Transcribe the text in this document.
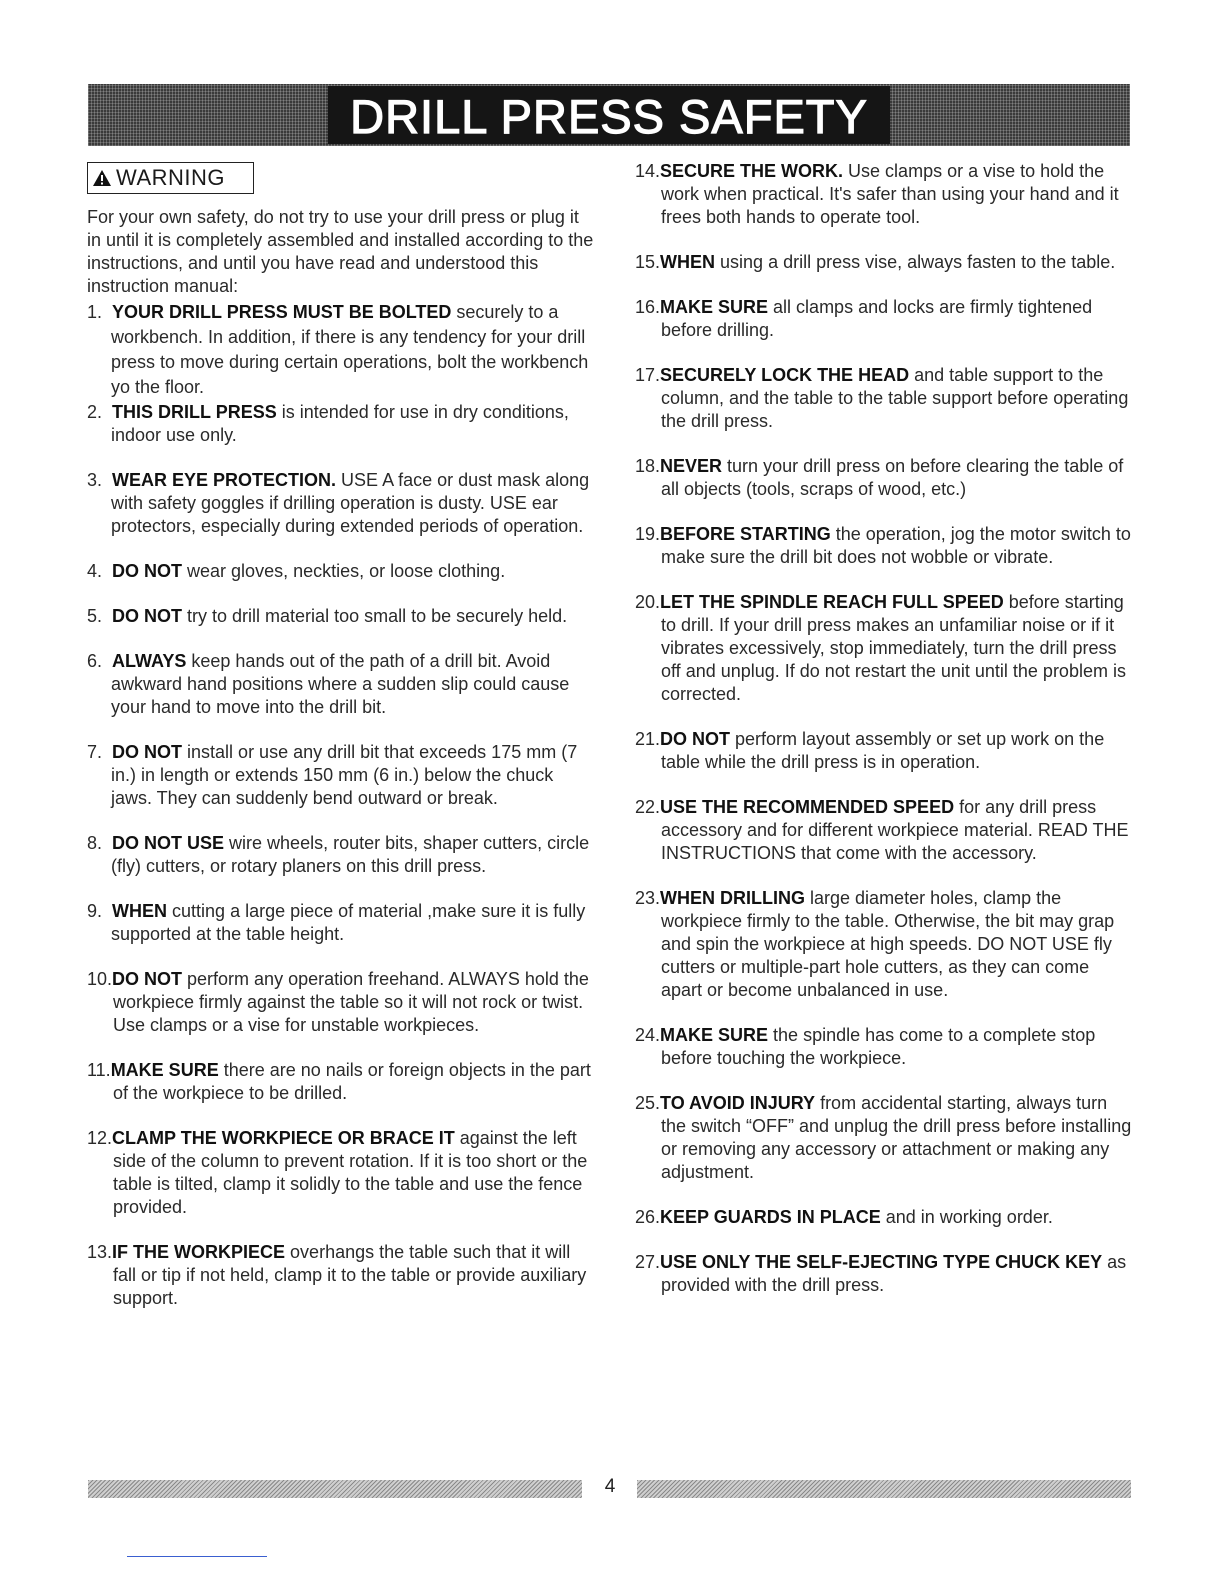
DRILL PRESS SAFETY
WARNING
For your own safety, do not try to use your drill press or plug it in until it is completely assembled and installed according to the instructions, and until you have read and understood this instruction manual:
1. YOUR DRILL PRESS MUST BE BOLTED securely to a workbench. In addition, if there is any tendency for your drill press to move during certain operations, bolt the workbench yo the floor.
2. THIS DRILL PRESS is intended for use in dry conditions, indoor use only.
3. WEAR EYE PROTECTION. USE A face or dust mask along with safety goggles if drilling operation is dusty. USE ear protectors, especially during extended periods of operation.
4. DO NOT wear gloves, neckties, or loose clothing.
5. DO NOT try to drill material too small to be securely held.
6. ALWAYS keep hands out of the path of a drill bit. Avoid awkward hand positions where a sudden slip could cause your hand to move into the drill bit.
7. DO NOT install or use any drill bit that exceeds 175 mm (7 in.) in length or extends 150 mm (6 in.) below the chuck jaws. They can suddenly bend outward or break.
8. DO NOT USE wire wheels, router bits, shaper cutters, circle (fly) cutters, or rotary planers on this drill press.
9. WHEN cutting a large piece of material ,make sure it is fully supported at the table height.
10.DO NOT perform any operation freehand. ALWAYS hold the workpiece firmly against the table so it will not rock or twist. Use clamps or a vise for unstable workpieces.
11.MAKE SURE there are no nails or foreign objects in the part of the workpiece to be drilled.
12.CLAMP THE WORKPIECE OR BRACE IT against the left side of the column to prevent rotation. If it is too short or the table is tilted, clamp it solidly to the table and use the fence provided.
13.IF THE WORKPIECE overhangs the table such that it will fall or tip if not held, clamp it to the table or provide auxiliary support.
14.SECURE THE WORK. Use clamps or a vise to hold the work when practical. It's safer than using your hand and it frees both hands to operate tool.
15.WHEN using a drill press vise, always fasten to the table.
16.MAKE SURE all clamps and locks are firmly tightened before drilling.
17.SECURELY LOCK THE HEAD and table support to the column, and the table to the table support before operating the drill press.
18.NEVER turn your drill press on before clearing the table of all objects (tools, scraps of wood, etc.)
19.BEFORE STARTING the operation, jog the motor switch to make sure the drill bit does not wobble or vibrate.
20.LET THE SPINDLE REACH FULL SPEED before starting to drill. If your drill press makes an unfamiliar noise or if it vibrates excessively, stop immediately, turn the drill press off and unplug. If do not restart the unit until the problem is corrected.
21.DO NOT perform layout assembly or set up work on the table while the drill press is in operation.
22.USE THE RECOMMENDED SPEED for any drill press accessory and for different workpiece material. READ THE INSTRUCTIONS that come with the accessory.
23.WHEN DRILLING large diameter holes, clamp the workpiece firmly to the table. Otherwise, the bit may grap and spin the workpiece at high speeds. DO NOT USE fly cutters or multiple-part hole cutters, as they can come apart or become unbalanced in use.
24.MAKE SURE the spindle has come to a complete stop before touching the workpiece.
25.TO AVOID INJURY from accidental starting, always turn the switch “OFF” and unplug the drill press before installing or removing any accessory or attachment or making any adjustment.
26.KEEP GUARDS IN PLACE and in working order.
27.USE ONLY THE SELF-EJECTING TYPE CHUCK KEY as provided with the drill press.
4
